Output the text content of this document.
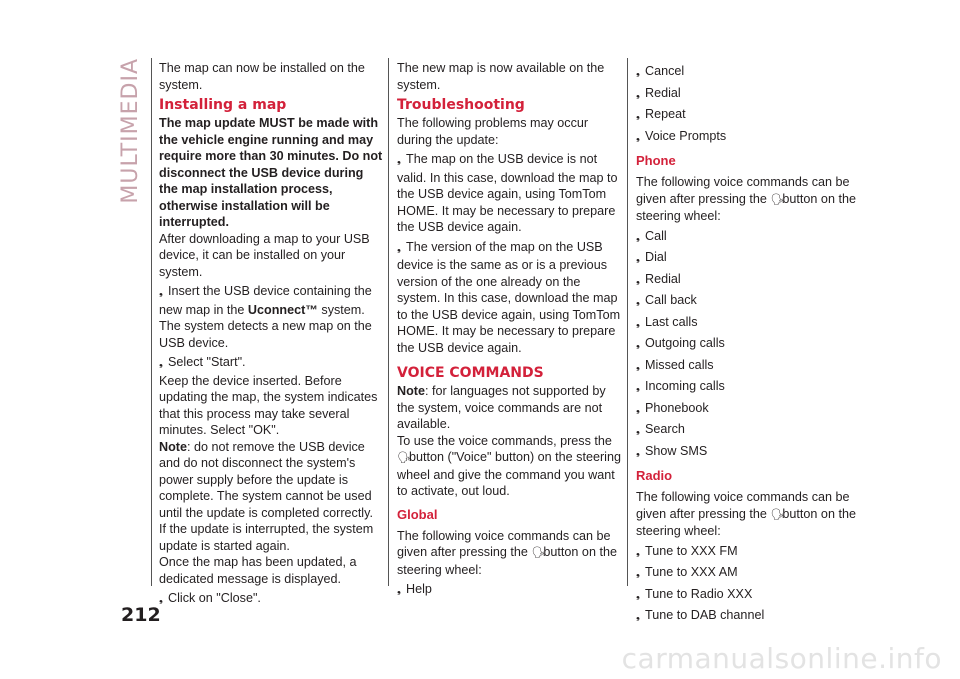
MULTIMEDIA The map can now be installed on the system.

Installing a map

The map update MUST be made with the vehicle engine running and may require more than 30 minutes. Do not disconnect the USB device during the map installation process, otherwise installation will be interrupted.

After downloading a map to your USB device, it can be installed on your system.

❟Insert the USB device containing the new map in the Uconnect™ system. The system detects a new map on the USB device.

❟Select "Start".

Keep the device inserted. Before updating the map, the system indicates that this process may take several minutes. Select "OK".

Note: do not remove the USB device and do not disconnect the system's power supply before the update is complete. The system cannot be used until the update is completed correctly. If the update is interrupted, the system update is started again.

Once the map has been updated, a dedicated message is displayed.

❟Click on "Close".

The new map is now available on the system.

Troubleshooting

The following problems may occur during the update:

❟The map on the USB device is not valid. In this case, download the map to the USB device again, using TomTom HOME. It may be necessary to prepare the USB device again.

❟The version of the map on the USB device is the same as or is a previous version of the one already on the system. In this case, download the map to the USB device again, using TomTom HOME. It may be necessary to prepare the USB device again.

VOICE COMMANDS

Note: for languages not supported by the system, voice commands are not available.

To use the voice commands, press the 🗣button ("Voice" button) on the steering wheel and give the command you want to activate, out loud.

Global

The following voice commands can be given after pressing the 🗣button on the steering wheel:

❟Help

❟Cancel

❟Redial

❟Repeat

❟Voice Prompts

Phone

The following voice commands can be given after pressing the 🗣button on the steering wheel:

❟Call

❟Dial

❟Redial

❟Call back

❟Last calls

❟Outgoing calls

❟Missed calls

❟Incoming calls

❟Phonebook

❟Search

❟Show SMS

Radio

The following voice commands can be given after pressing the 🗣button on the steering wheel:

❟Tune to XXX FM

❟Tune to XXX AM

❟Tune to Radio XXX

❟Tune to DAB channel

212
carmanualsonline.info
